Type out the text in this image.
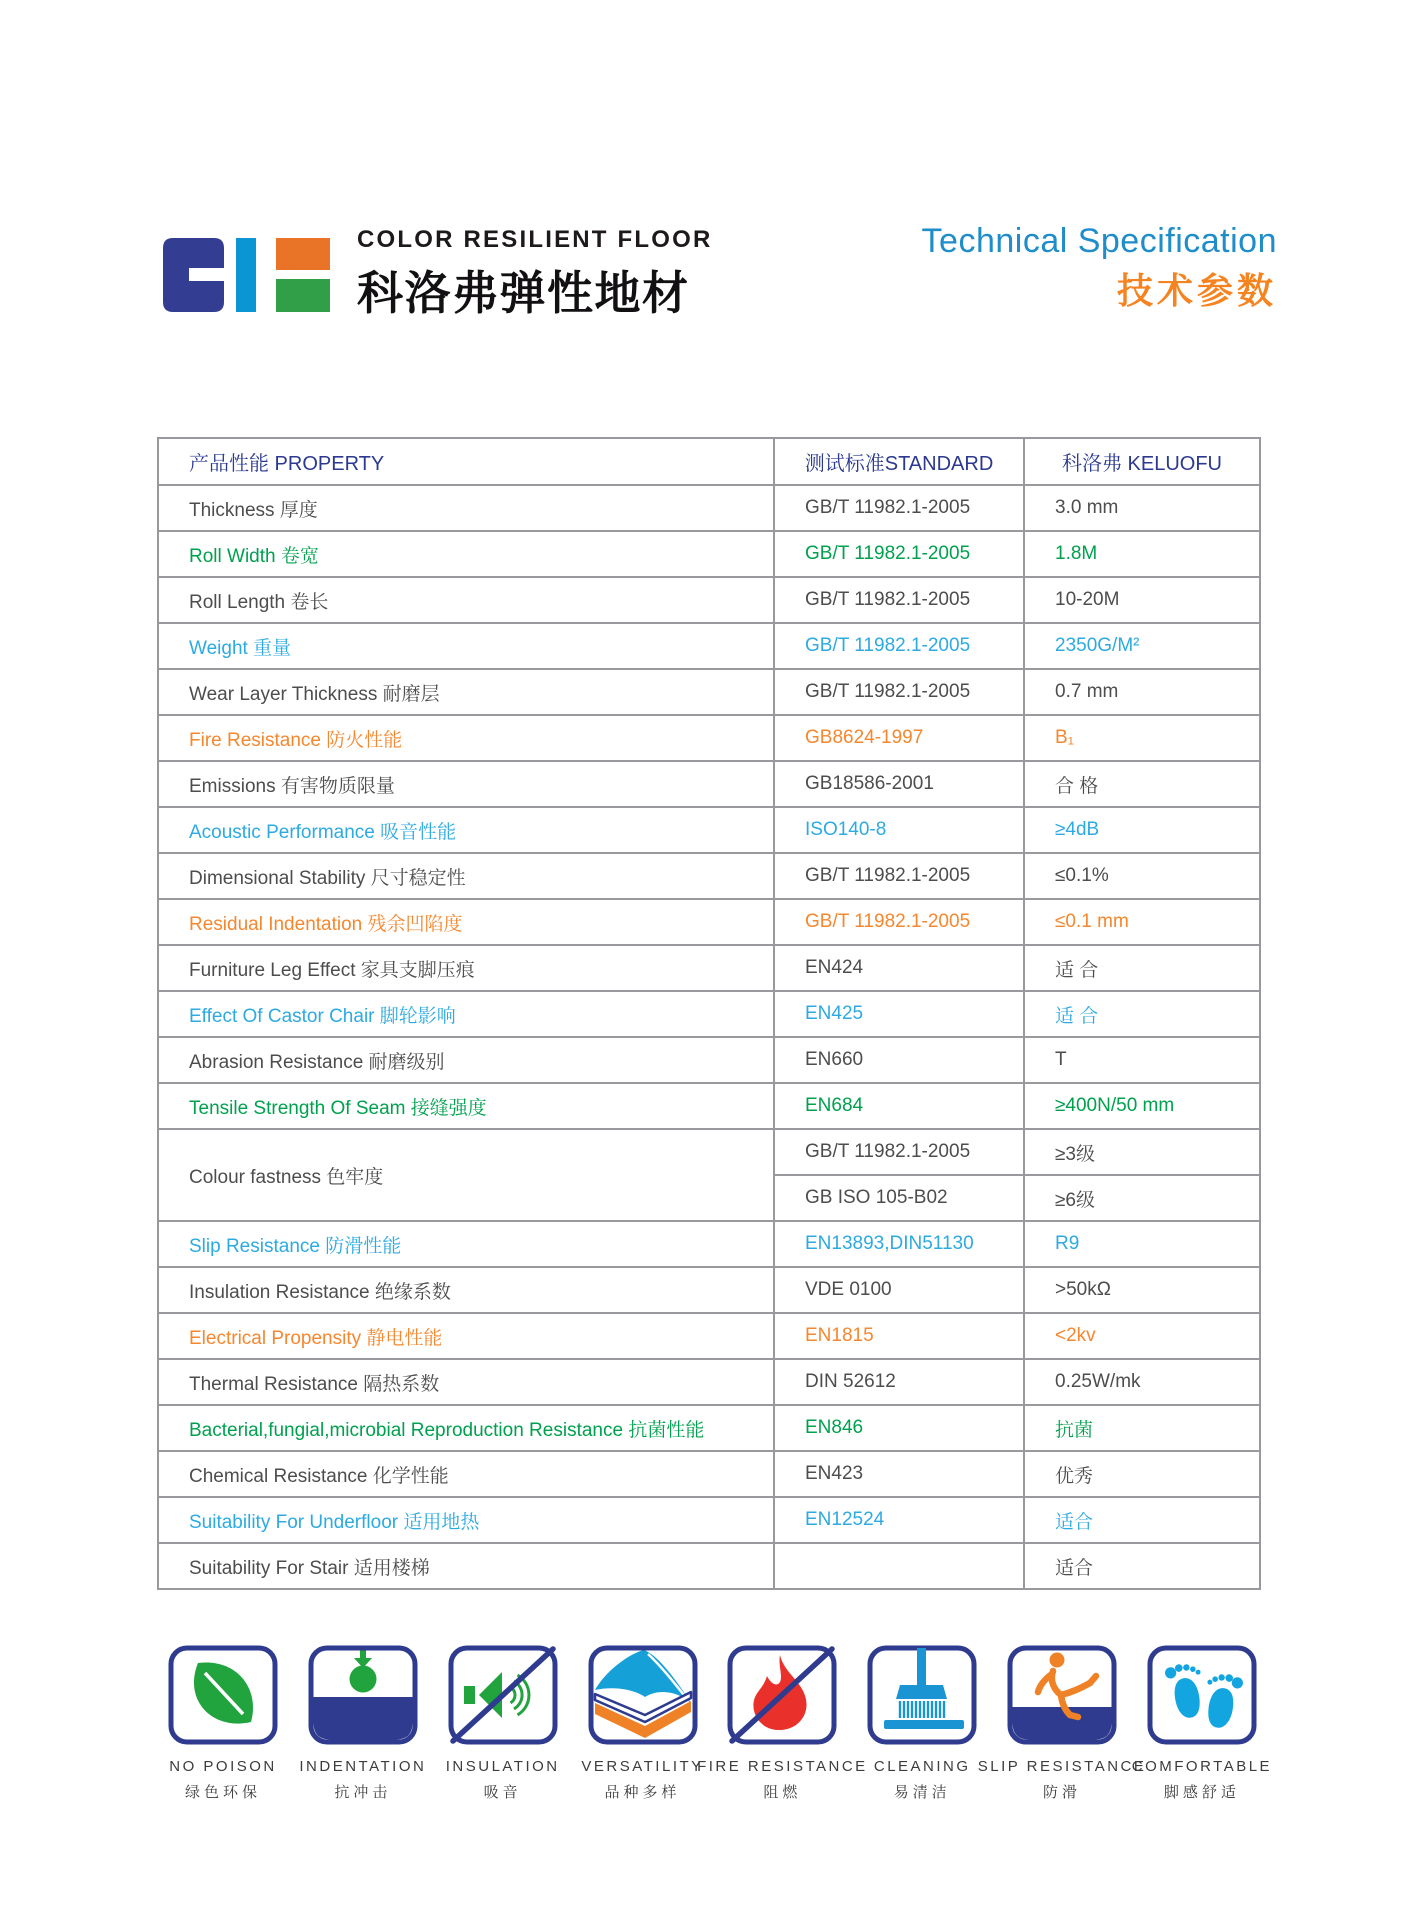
COLOR RESILIENT FLOOR
科洛弗弹性地材
Technical Specification
技术参数
产品性能 PROPERTY	测试标准STANDARD	科洛弗 KELUOFU
Thickness 厚度	GB/T 11982.1-2005	3.0 mm
Roll Width 卷宽	GB/T 11982.1-2005	1.8M
Roll Length 卷长	GB/T 11982.1-2005	10-20M
Weight 重量	GB/T 11982.1-2005	2350G/M²
Wear Layer Thickness 耐磨层	GB/T 11982.1-2005	0.7 mm
Fire Resistance 防火性能	GB8624-1997	B₁
Emissions 有害物质限量	GB18586-2001	合 格
Acoustic Performance 吸音性能	ISO140-8	≥4dB
Dimensional Stability 尺寸稳定性	GB/T 11982.1-2005	≤0.1%
Residual Indentation 残余凹陷度	GB/T 11982.1-2005	≤0.1 mm
Furniture Leg Effect 家具支脚压痕	EN424	适 合
Effect Of Castor Chair 脚轮影响	EN425	适 合
Abrasion Resistance 耐磨级别	EN660	T
Tensile Strength Of Seam 接缝强度	EN684	≥400N/50 mm
Colour fastness 色牢度	GB/T 11982.1-2005	≥3级
	GB ISO 105-B02	≥6级
Slip Resistance 防滑性能	EN13893,DIN51130	R9
Insulation Resistance 绝缘系数	VDE 0100	>50kΩ
Electrical Propensity 静电性能	EN1815	<2kv
Thermal Resistance 隔热系数	DIN 52612	0.25W/mk
Bacterial,fungial,microbial Reproduction Resistance 抗菌性能	EN846	抗菌
Chemical Resistance 化学性能	EN423	优秀
Suitability For Underfloor 适用地热	EN12524	适合
Suitability For Stair 适用楼梯		适合
NO POISON
绿色环保
INDENTATION
抗冲击
INSULATION
吸音
VERSATILITY
品种多样
FIRE RESISTANCE
阻燃
CLEANING
易清洁
SLIP RESISTANCE
防滑
COMFORTABLE
脚感舒适
